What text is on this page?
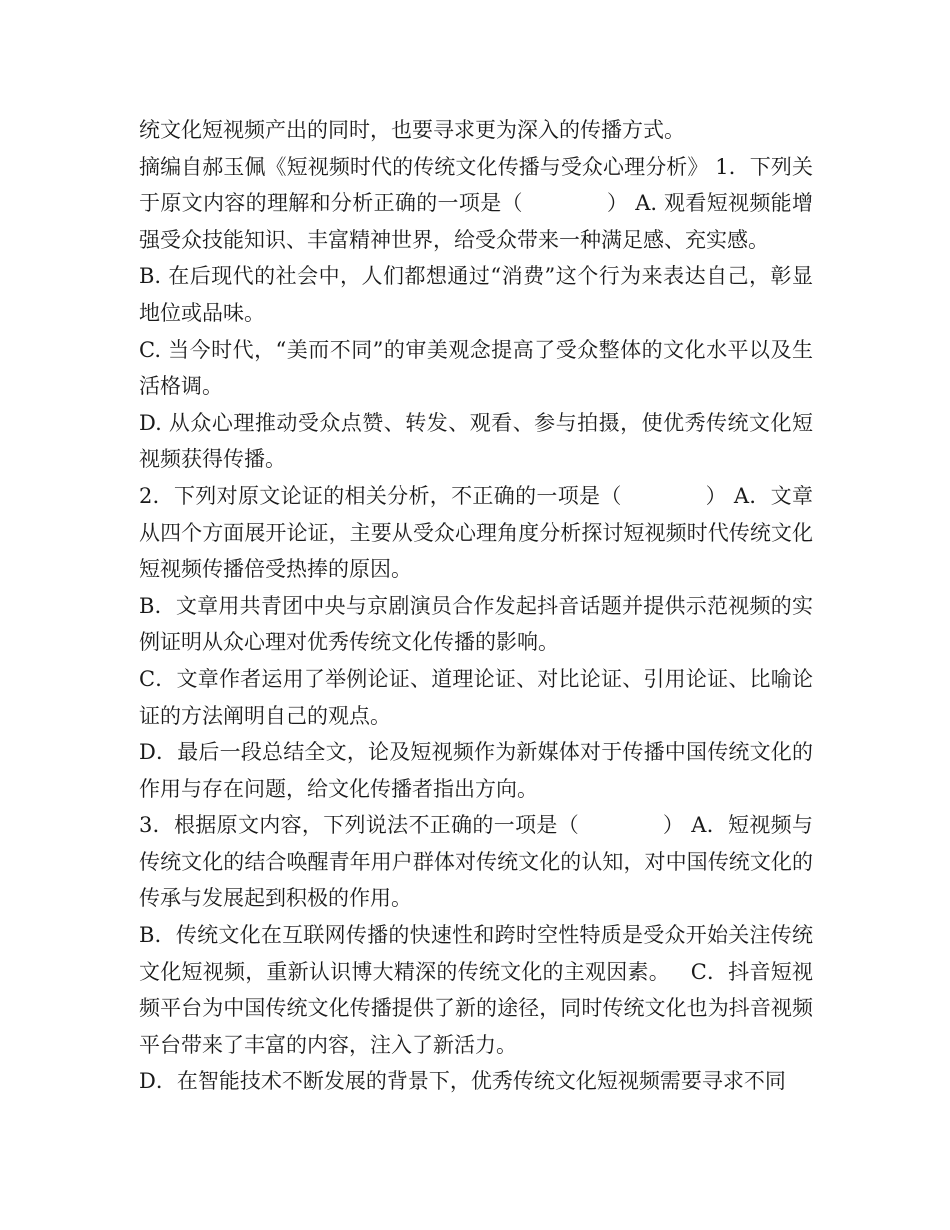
统文化短视频产出的同时，也要寻求更为深入的传播方式。

摘编自郝玉佩《短视频时代的传统文化传播与受众心理分析》 1．下列关于原文内容的理解和分析正确的一项是（            ） A. 观看短视频能增强受众技能知识、丰富精神世界，给受众带来一种满足感、充实感。

B. 在后现代的社会中，人们都想通过“消费”这个行为来表达自己，彰显地位或品味。

C. 当今时代，“美而不同”的审美观念提高了受众整体的文化水平以及生活格调。

D. 从众心理推动受众点赞、转发、观看、参与拍摄，使优秀传统文化短视频获得传播。

2．下列对原文论证的相关分析，不正确的一项是（            ） A．文章从四个方面展开论证，主要从受众心理角度分析探讨短视频时代传统文化短视频传播倍受热捧的原因。

B．文章用共青团中央与京剧演员合作发起抖音话题并提供示范视频的实例证明从众心理对优秀传统文化传播的影响。

C．文章作者运用了举例论证、道理论证、对比论证、引用论证、比喻论证的方法阐明自己的观点。

D．最后一段总结全文，论及短视频作为新媒体对于传播中国传统文化的作用与存在问题，给文化传播者指出方向。

3．根据原文内容，下列说法不正确的一项是（            ） A．短视频与传统文化的结合唤醒青年用户群体对传统文化的认知，对中国传统文化的传承与发展起到积极的作用。

B．传统文化在互联网传播的快速性和跨时空性特质是受众开始关注传统文化短视频，重新认识博大精深的传统文化的主观因素。   C．抖音短视频平台为中国传统文化传播提供了新的途径，同时传统文化也为抖音视频平台带来了丰富的内容，注入了新活力。

D．在智能技术不断发展的背景下，优秀传统文化短视频需要寻求不同
